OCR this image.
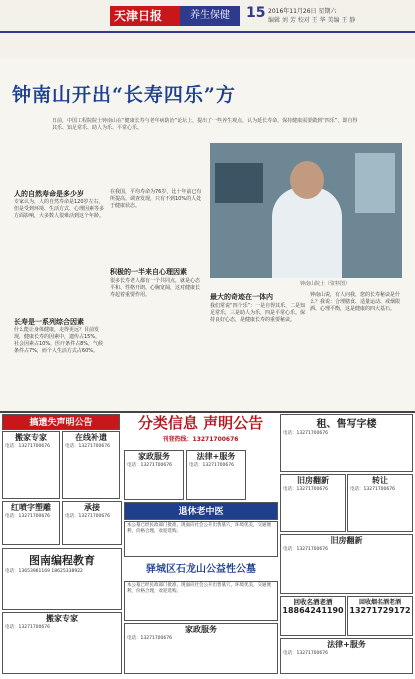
天津日报	养生保健	15 2016年11月26日 星期六
编辑 刘 芳 校对 王 华 美编 王 静
钟南山开出“长寿四乐”方
日前，中国工程院院士钟南山在“健康长寿与老年病防治”论坛上，提出了一些养生观点，认为延长寿命、保持健康需要做到“四乐”，即自得其乐、知足常乐、助人为乐、平常心乐。
人的自然寿命是多少岁
专家认为，人的自然寿命是120岁左右，但是受到环境、生活方式、心理因素等多方面影响，大多数人很难活到这个年龄。
长寿是一系列综合因素
什么能让身体健康，走得更远？目前发现，健康长寿的因素中，遗传占15%，社会因素占10%，医疗条件占8%，气候条件占7%，而个人生活方式占60%。
在我国，平均寿命为76岁，比十年前已有所提高。调查发现，只有不到10%的人处于健康状态。
积极的一半来自心理因素
很多长寿老人都有一个共同点，就是心态平和、性格开朗、心胸宽阔，这对健康长寿起着重要作用。
钟南山院士（资料图）
最大的奇迹在一体内
我们常说“四个乐”：一是自得其乐，二是知足常乐，三是助人为乐，四是平常心乐。保持良好心态，是健康长寿的重要秘诀。
钟南山说，有人问我，您的长寿秘诀是什么？我说：合理膳食、适量运动、戒烟限酒、心理平衡，这是健康的四大基石。
分类信息 声明公告
刊登热线：13271700676
搞遗失声明公告
搬家专家
电话：13271700676
在线补遗
电话：13271700676
家政服务
电话：13271700676
法律+服务
电话：13271700676
租、售写字楼
电话：13271700676
旧房翻新
电话：13271700676
转让
电话：13271700676
红喷字塑雕
电话：13271700676
承接
电话：13271700676	退休老中医
本公墓已经民政部门批准，现面向社会公开出售墓穴，环境优美，交通便利，价格合理，欢迎选购。
旧房翻新
电话：13271700676
图南编程教育
电话：13653961169 18625338922	驿城区石龙山公益性公墓
本公墓已经民政部门批准，现面向社会公开出售墓穴，环境优美，交通便利，价格合理，欢迎选购。
回收名酒老酒
18864241190
回收烟名酒老酒
13271729172
搬家专家
电话：13271700676	家政服务
电话：13271700676
法律+服务
电话：13271700676
